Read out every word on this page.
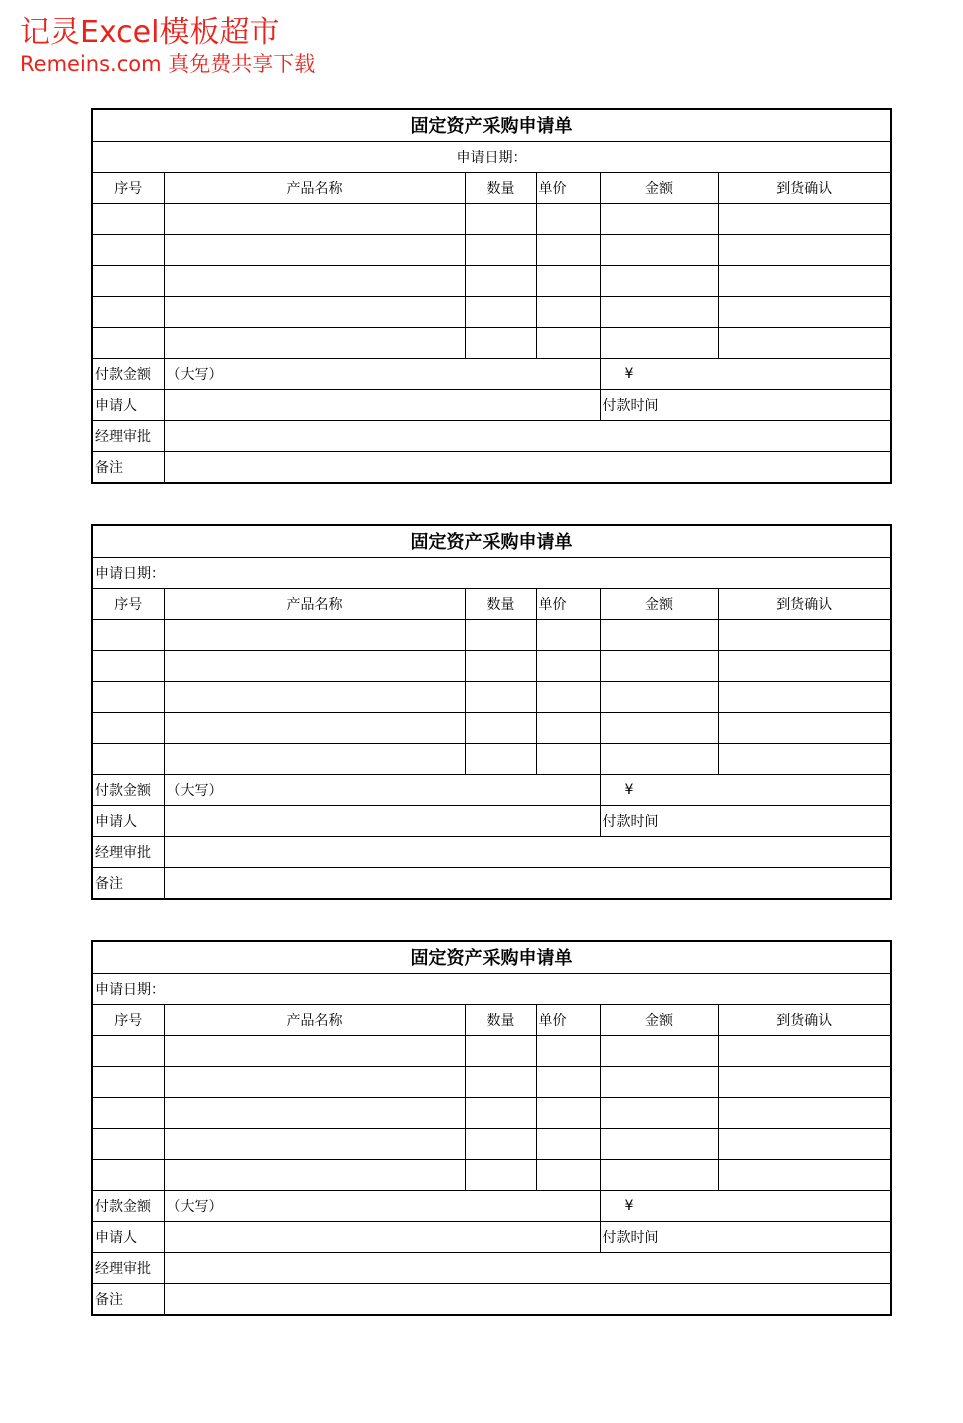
记灵Excel模板超市
Remeins.com 真免费共享下载
固定资产采购申请单					
申请日期：					
序号	产品名称	数量	单价	金额	到货确认

付款金额	（大写）			¥	
申请人				付款时间	
经理审批					
备注					
固定资产采购申请单					
申请日期：					
序号	产品名称	数量	单价	金额	到货确认

付款金额	（大写）			¥	
申请人				付款时间	
经理审批					
备注					
固定资产采购申请单					
申请日期：					
序号	产品名称	数量	单价	金额	到货确认

付款金额	（大写）			¥	
申请人				付款时间	
经理审批					
备注					
